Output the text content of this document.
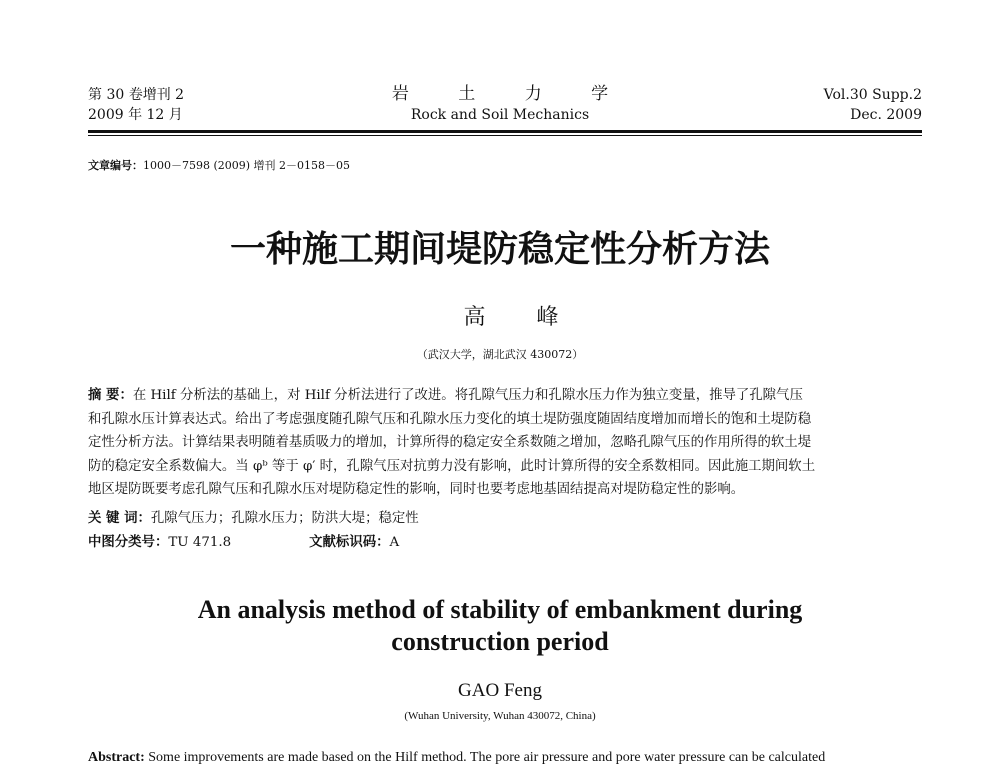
第 30 卷增刊 2
2009 年 12 月
岩 土 力 学
Rock and Soil Mechanics
Vol.30 Supp.2
Dec. 2009
文章编号：1000－7598 (2009) 增刊 2－0158－05
一种施工期间堤防稳定性分析方法
高 峰
（武汉大学，湖北武汉 430072）
摘 要：在 Hilf 分析法的基础上，对 Hilf 分析法进行了改进。将孔隙气压力和孔隙水压力作为独立变量，推导了孔隙气压
和孔隙水压计算表达式。给出了考虑强度随孔隙气压和孔隙水压力变化的填土堤防强度随固结度增加而增长的饱和土堤防稳
定性分析方法。计算结果表明随着基质吸力的增加，计算所得的稳定安全系数随之增加，忽略孔隙气压的作用所得的软土堤
防的稳定安全系数偏大。当 φᵇ 等于 φ′ 时，孔隙气压对抗剪力没有影响，此时计算所得的安全系数相同。因此施工期间软土
地区堤防既要考虑孔隙气压和孔隙水压对堤防稳定性的影响，同时也要考虑地基固结提高对堤防稳定性的影响。
关 键 词：孔隙气压力；孔隙水压力；防洪大堤；稳定性
中图分类号：TU 471.8	文献标识码：A
An analysis method of stability of embankment during
construction period
GAO Feng
(Wuhan University, Wuhan 430072, China)
Abstract: Some improvements are made based on the Hilf method. The pore air pressure and pore water pressure can be calculated
